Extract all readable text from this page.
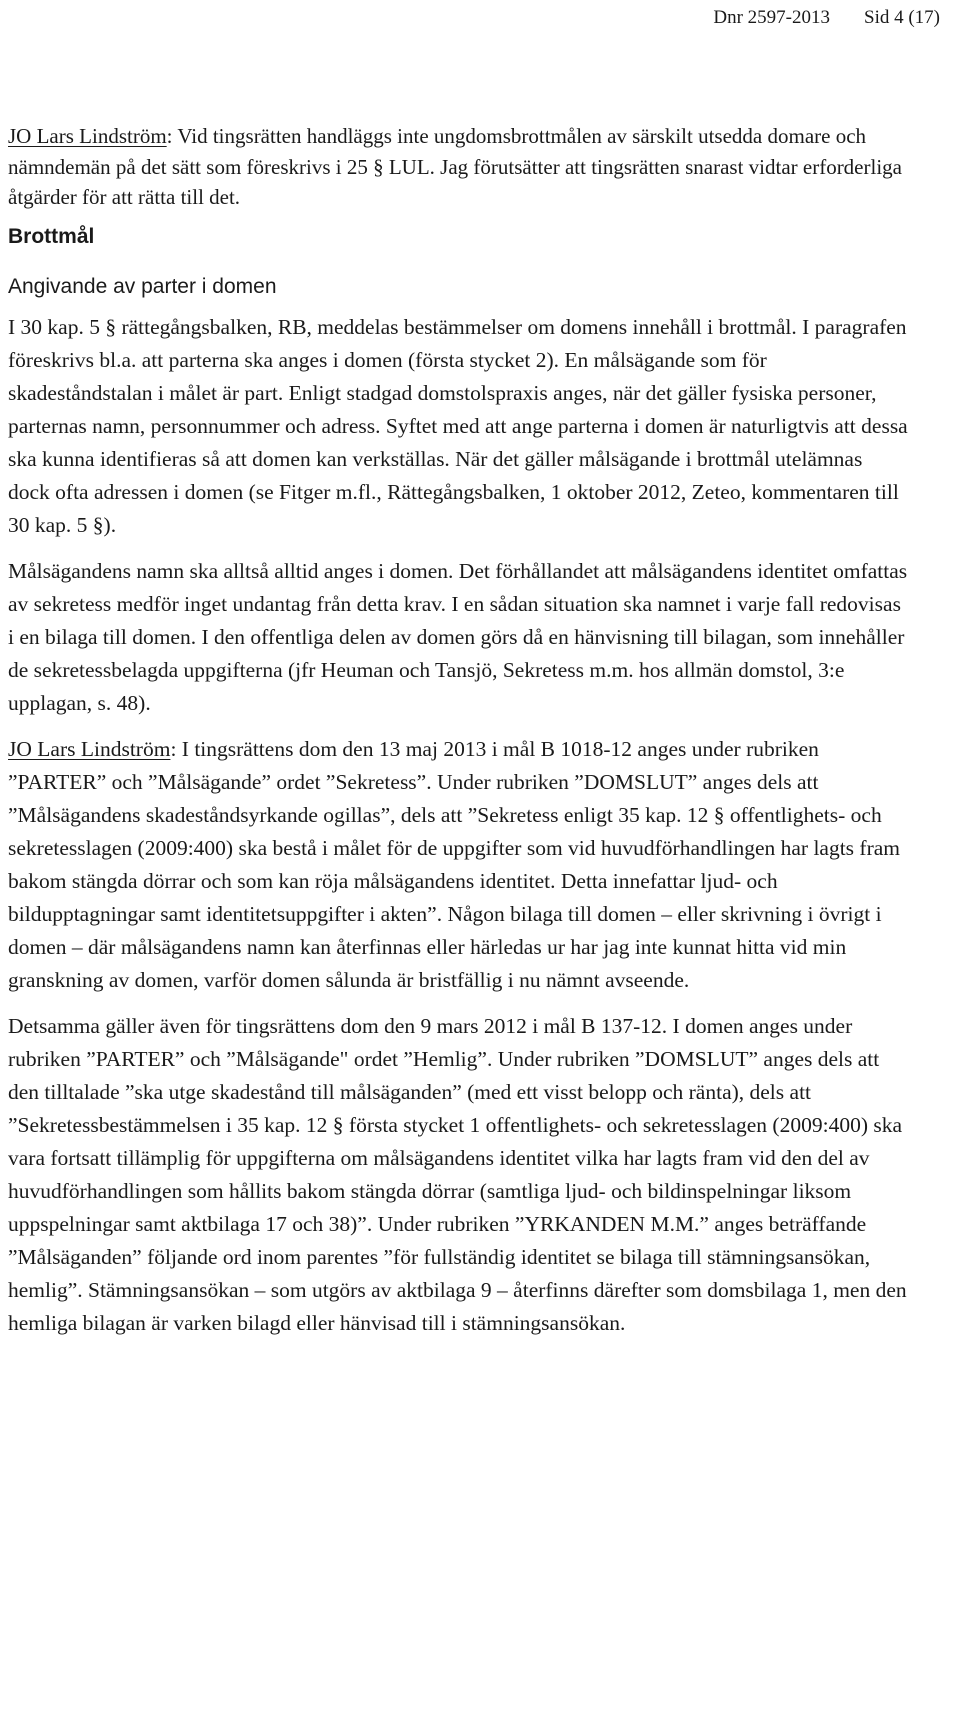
Dnr 2597-2013 Sid 4 (17)

JO Lars Lindström: Vid tingsrätten handläggs inte ungdomsbrottmålen av särskilt utsedda domare och nämndemän på det sätt som föreskrivs i 25 § LUL. Jag förutsätter att tingsrätten snarast vidtar erforderliga åtgärder för att rätta till det.

Brottmål
Angivande av parter i domen

I 30 kap. 5 § rättegångsbalken, RB, meddelas bestämmelser om domens innehåll i brottmål. I paragrafen föreskrivs bl.a. att parterna ska anges i domen (första stycket 2). En målsägande som för skadeståndstalan i målet är part. Enligt stadgad domstolspraxis anges, när det gäller fysiska personer, parternas namn, personnummer och adress. Syftet med att ange parterna i domen är naturligtvis att dessa ska kunna identifieras så att domen kan verkställas. När det gäller målsägande i brottmål utelämnas dock ofta adressen i domen (se Fitger m.fl., Rättegångsbalken, 1 oktober 2012, Zeteo, kommentaren till 30 kap. 5 §).

Målsägandens namn ska alltså alltid anges i domen. Det förhållandet att målsägandens identitet omfattas av sekretess medför inget undantag från detta krav. I en sådan situation ska namnet i varje fall redovisas i en bilaga till domen. I den offentliga delen av domen görs då en hänvisning till bilagan, som innehåller de sekretessbelagda uppgifterna (jfr Heuman och Tansjö, Sekretess m.m. hos allmän domstol, 3:e upplagan, s. 48).

JO Lars Lindström: I tingsrättens dom den 13 maj 2013 i mål B 1018-12 anges under rubriken ”PARTER” och ”Målsägande” ordet ”Sekretess”. Under rubriken ”DOMSLUT” anges dels att ”Målsägandens skadeståndsyrkande ogillas”, dels att ”Sekretess enligt 35 kap. 12 § offentlighets- och sekretesslagen (2009:400) ska bestå i målet för de uppgifter som vid huvudförhandlingen har lagts fram bakom stängda dörrar och som kan röja målsägandens identitet. Detta innefattar ljud- och bildupptagningar samt identitetsuppgifter i akten”. Någon bilaga till domen – eller skrivning i övrigt i domen – där målsägandens namn kan återfinnas eller härledas ur har jag inte kunnat hitta vid min granskning av domen, varför domen sålunda är bristfällig i nu nämnt avseende.

Detsamma gäller även för tingsrättens dom den 9 mars 2012 i mål B 137-12. I domen anges under rubriken ”PARTER” och ”Målsägande" ordet ”Hemlig”. Under rubriken ”DOMSLUT” anges dels att den tilltalade ”ska utge skadestånd till målsäganden” (med ett visst belopp och ränta), dels att ”Sekretessbestämmelsen i 35 kap. 12 § första stycket 1 offentlighets- och sekretesslagen (2009:400) ska vara fortsatt tillämplig för uppgifterna om målsägandens identitet vilka har lagts fram vid den del av huvudförhandlingen som hållits bakom stängda dörrar (samtliga ljud- och bildinspelningar liksom uppspelningar samt aktbilaga 17 och 38)”. Under rubriken ”YRKANDEN M.M.” anges beträffande ”Målsäganden” följande ord inom parentes ”för fullständig identitet se bilaga till stämningsansökan, hemlig”. Stämningsansökan – som utgörs av aktbilaga 9 – återfinns därefter som domsbilaga 1, men den hemliga bilagan är varken bilagd eller hänvisad till i stämningsansökan.
